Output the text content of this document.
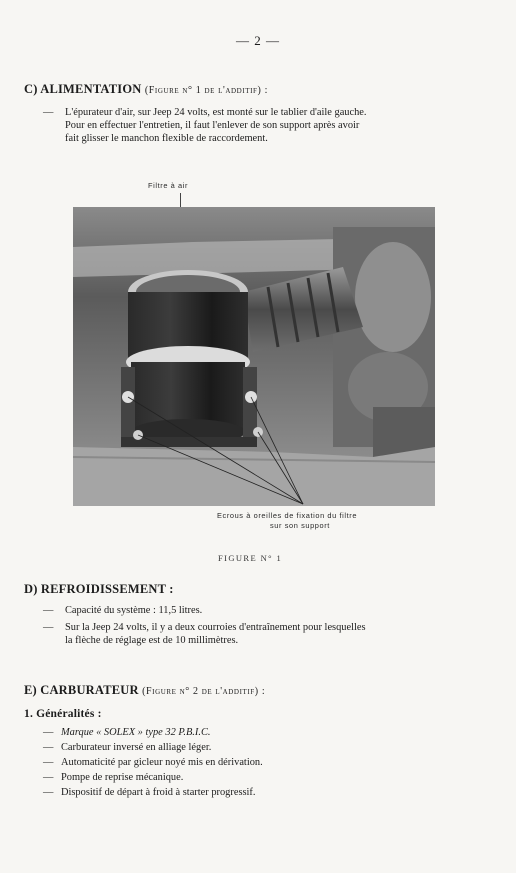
— 2 —
C) ALIMENTATION (Figure n° 1 de l'additif) :
— L'épurateur d'air, sur Jeep 24 volts, est monté sur le tablier d'aile gauche.
Pour en effectuer l'entretien, il faut l'enlever de son support après avoir
fait glisser le manchon flexible de raccordement.
Filtre à air
Ecrous à oreilles de fixation du filtre
sur son support
FIGURE N° 1
D) REFROIDISSEMENT :
— Capacité du système : 11,5 litres.
— Sur la Jeep 24 volts, il y a deux courroies d'entraînement pour lesquelles
la flèche de réglage est de 10 millimètres.
E) CARBURATEUR (Figure n° 2 de l'additif) :
1. Généralités :
— Marque « SOLEX » type 32 P.B.I.C.
— Carburateur inversé en alliage léger.
— Automaticité par gicleur noyé mis en dérivation.
— Pompe de reprise mécanique.
— Dispositif de départ à froid à starter progressif.
